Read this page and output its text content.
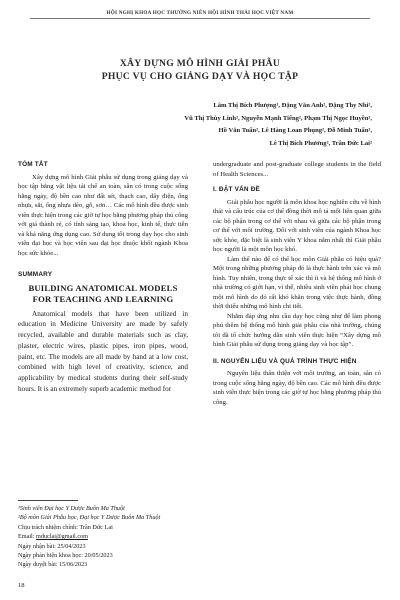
HỘI NGHỊ KHOA HỌC THƯỜNG NIÊN HỘI HÌNH THÁI HỌC VIỆT NAM
XÂY DỰNG MÔ HÌNH GIẢI PHẪU
PHỤC VỤ CHO GIẢNG DẠY VÀ HỌC TẬP
Lâm Thị Bích Phượng¹, Đặng Văn Anh², Đặng Thy Nhi²,
Vũ Thị Thùy Linh², Nguyễn Mạnh Tiếng², Phạm Thị Ngọc Huyền²,
Hồ Văn Tuấn², Lê Hàng Loan Phụng², Đỗ Minh Tuấn²,
Lê Thị Bích Phương², Trần Đức Lai²
TÓM TẮT

Xây dựng mô hình Giải phẫu sử dụng trong giảng dạy và học tập bằng vật liệu tái chế an toàn, sẵn có trong cuộc sống hằng ngày, độ bền cao như đất sét, thạch cao, dây điện, ống nhựa, sắt, ống nhựa dẻo, gỗ, sơn… Các mô hình đều được sinh viên thực hiện trong các giờ tự học bằng phương pháp thủ công với giá thành rẻ, có tính sáng tạo, khoa học, kinh tế, thực tiễn và khả năng ứng dụng cao. Sử dụng tốt trong dạy học cho sinh viên đại học và học viên sau đại học thuộc khối ngành Khoa học sức khỏe...

SUMMARY
BUILDING ANATOMICAL MODELS
FOR TEACHING AND LEARNING

Anatomical models that have been utilized in education in Medicine University are made by safely recycled, available and durable materials such as clay, plaster, electric wires, plastic pipes, iron pipes, wood, paint, etc. The models are all made by hand at a low cost, combined with high level of creativity, science, and applicability by medical students during their self-study hours. It is an extremely superb academic method for

¹Sinh viên Đại học Y Dược Buôn Ma Thuột
²Bộ môn Giải Phẫu học, Đại học Y Dược Buôn Ma Thuột
Chịu trách nhiệm chính: Trần Đức Lai
Email: mduclai@gmail.com
Ngày nhận bài: 25/04/2023
Ngày phản biện khoa học: 20/05/2023
Ngày duyệt bài: 15/06/2023

undergraduate and post-graduate college students in the field of Health Sciences...

I. ĐẶT VẤN ĐỀ

Giải phẫu học người là môn khoa học nghiên cứu về hình thái và cấu trúc của cơ thể đồng thời mô tả mối liên quan giữa các bộ phận trong cơ thể với nhau và giữa các bộ phận trong cơ thể với môi trường. Đối với sinh viên của ngành Khoa học sức khỏe, đặc biệt là sinh viên Y khoa nắm nhất thì Giải phẫu học người là một môn học khó.

Làm thế nào để có thể học môn Giải phẫu có hiệu quả? Một trong những phương pháp đó là thực hành trên xác và mô hình. Tuy nhiên, trong thực tế xác thì ít và hệ thống mô hình ở nhà trường có giới hạn, vì thế, nhiều sinh viên phải học chung một mô hình do đó rất khó khăn trong việc thực hành, đồng thời thiếu những mô hình chi tiết.

Nhằm đáp ứng nhu cầu dạy học cũng như để làm phong phú thêm hệ thống mô hình giải phẫu của nhà trường, chúng tôi đã tổ chức hướng dẫn sinh viên thực hiện “Xây dựng mô hình Giải phẫu sử dụng trong giảng dạy và học tập”.

II. NGUYÊN LIỆU VÀ QUÁ TRÌNH THỰC HIỆN

Nguyên liệu thân thiện với môi trường, an toàn, sẵn có trong cuộc sống hằng ngày, độ bền cao. Các mô hình đều được sinh viên thực hiện trong các giờ tự học bằng phương pháp thủ công.

18
